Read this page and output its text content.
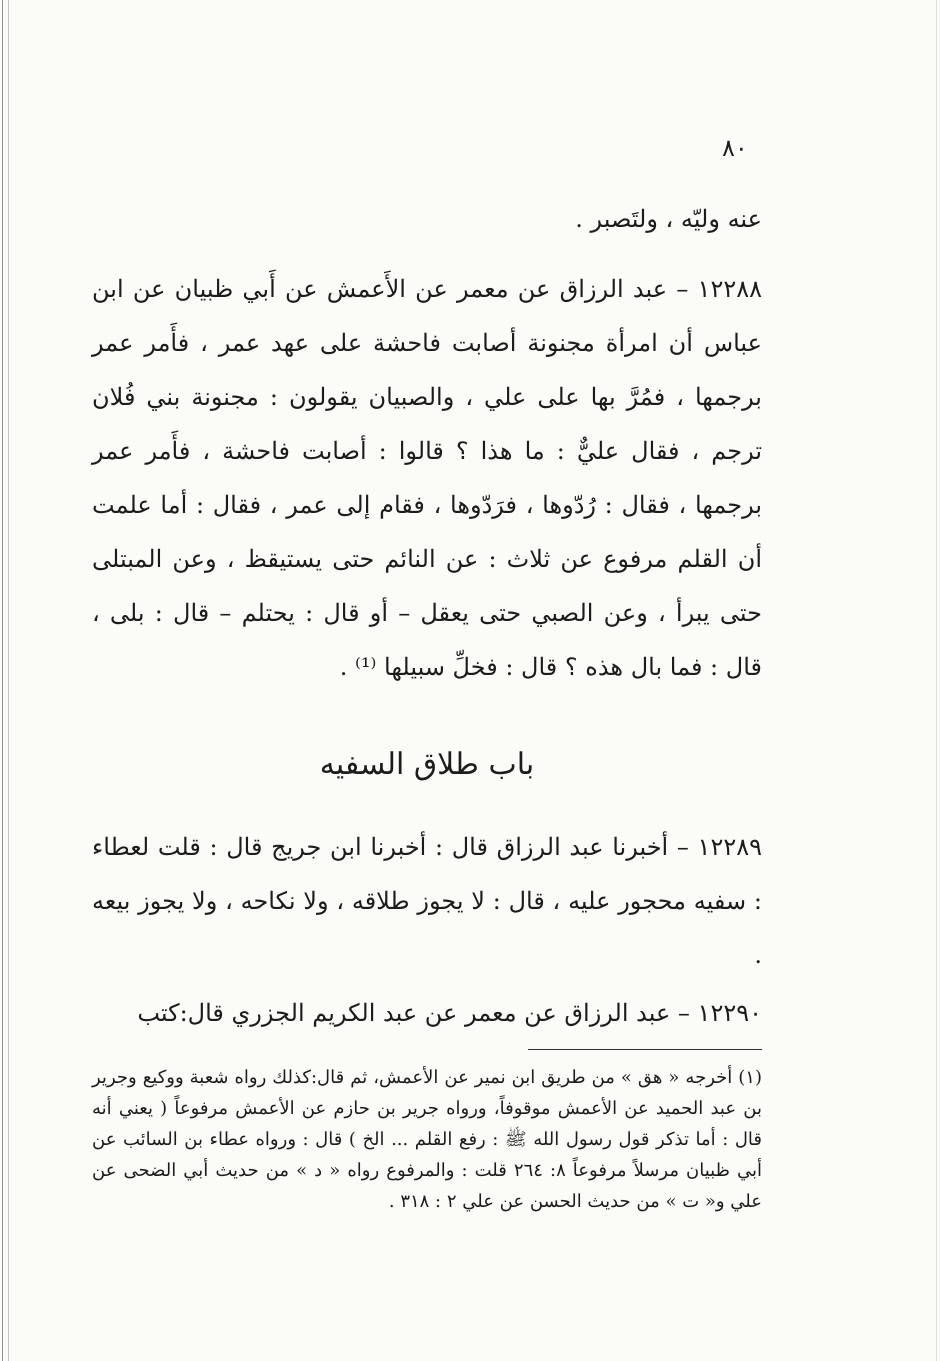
٨٠

عنه وليّه ، ولتَصبر .

١٢٢٨٨ – عبد الرزاق عن معمر عن الأَعمش عن أَبي ظبيان عن ابن عباس أن امرأة مجنونة أصابت فاحشة على عهد عمر ، فأَمر عمر برجمها ، فمُرَّ بها على علي ، والصبيان يقولون : مجنونة بني فُلان ترجم ، فقال عليٌّ : ما هذا ؟ قالوا : أصابت فاحشة ، فأَمر عمر برجمها ، فقال : رُدّوها ، فرَدّوها ، فقام إلى عمر ، فقال : أما علمت أن القلم مرفوع عن ثلاث : عن النائم حتى يستيقظ ، وعن المبتلى حتى يبرأ ، وعن الصبي حتى يعقل – أو قال : يحتلم – قال : بلى ، قال : فما بال هذه ؟ قال : فخلِّ سبيلها ⁽¹⁾ .

باب طلاق السفيه

١٢٢٨٩ – أخبرنا عبد الرزاق قال : أخبرنا ابن جريج قال : قلت لعطاء : سفيه محجور عليه ، قال : لا يجوز طلاقه ، ولا نكاحه ، ولا يجوز بيعه .

١٢٢٩٠ – عبد الرزاق عن معمر عن عبد الكريم الجزري قال:كتب

(١) أخرجه « هق » من طريق ابن نمير عن الأعمش، ثم قال:كذلك رواه شعبة ووكيع وجرير بن عبد الحميد عن الأعمش موقوفاً، ورواه جرير بن حازم عن الأعمش مرفوعاً ( يعني أنه قال : أما تذكر قول رسول الله ﷺ : رفع القلم ... الخ ) قال : ورواه عطاء بن السائب عن أبي ظبيان مرسلاً مرفوعاً ٨: ٢٦٤ قلت : والمرفوع رواه « د » من حديث أبي الضحى عن علي و« ت » من حديث الحسن عن علي ٢ : ٣١٨ .
